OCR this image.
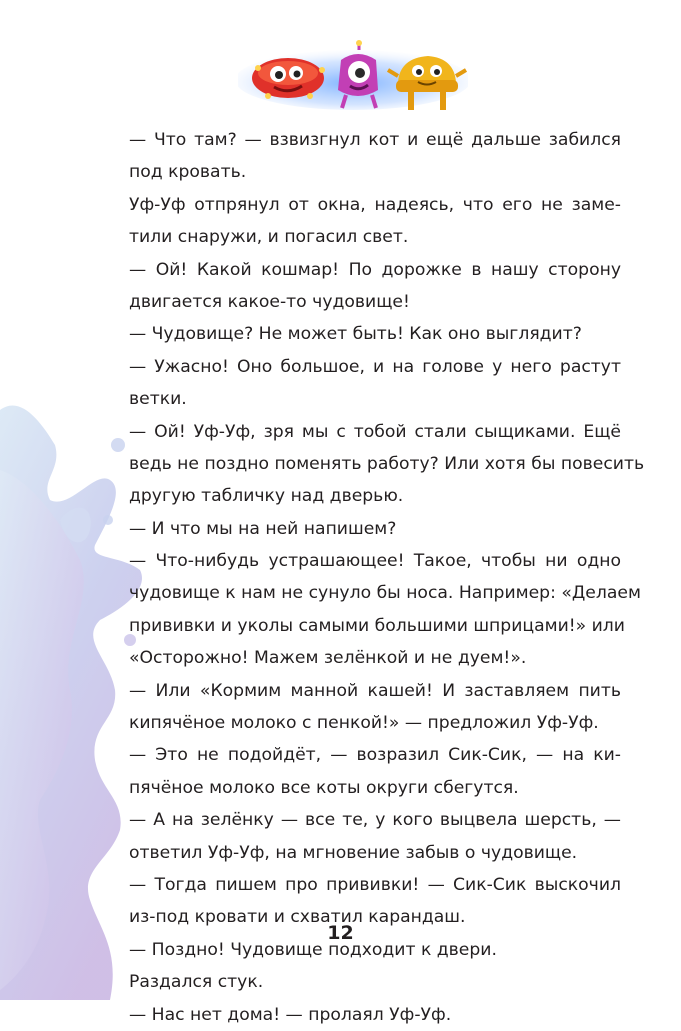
— Что там? — взвизгнул кот и ещё дальше забился
под кровать.
Уф-Уф отпрянул от окна, надеясь, что его не заме-
тили снаружи, и погасил свет.
— Ой! Какой кошмар! По дорожке в нашу сторону
двигается какое-то чудовище!
— Чудовище? Не может быть! Как оно выглядит?
— Ужасно! Оно большое, и на голове у него растут
ветки.
— Ой! Уф-Уф, зря мы с тобой стали сыщиками. Ещё
ведь не поздно поменять работу? Или хотя бы повесить
другую табличку над дверью.
— И что мы на ней напишем?
— Что-нибудь устрашающее! Такое, чтобы ни одно
чудовище к нам не сунуло бы носа. Например: «Делаем
прививки и уколы самыми большими шприцами!» или
«Осторожно! Мажем зелёнкой и не дуем!».
— Или «Кормим манной кашей! И заставляем пить
кипячёное молоко с пенкой!» — предложил Уф-Уф.
— Это не подойдёт, — возразил Сик-Сик, — на ки-
пячёное молоко все коты округи сбегутся.
— А на зелёнку — все те, у кого выцвела шерсть, —
ответил Уф-Уф, на мгновение забыв о чудовище.
— Тогда пишем про прививки! — Сик-Сик выскочил
из-под кровати и схватил карандаш.
— Поздно! Чудовище подходит к двери.
Раздался стук.
— Нас нет дома! — пролаял Уф-Уф.
12
